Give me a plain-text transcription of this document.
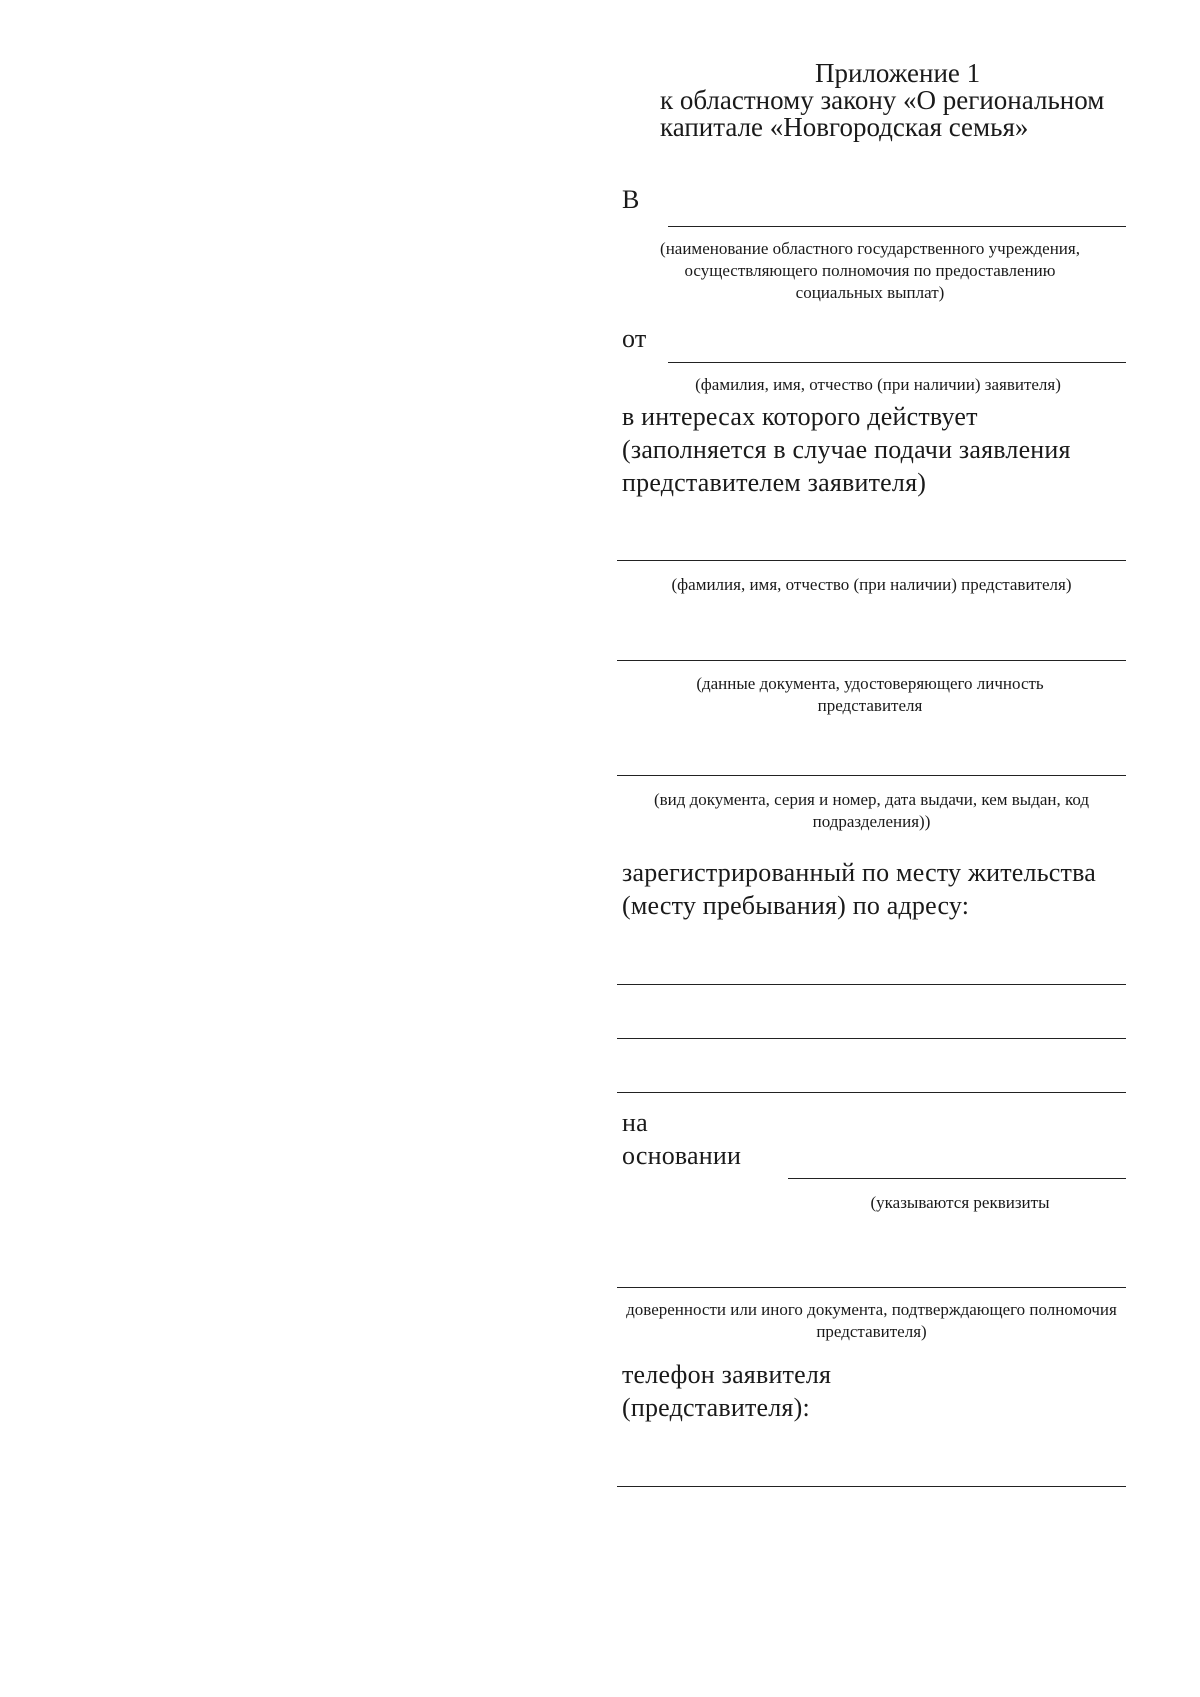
Приложение 1
к областному закону «О региональном
капитале «Новгородская семья»
В
(наименование областного государственного учреждения, осуществляющего полномочия по предоставлению социальных выплат)
от
(фамилия, имя, отчество (при наличии) заявителя)
в интересах которого действует
(заполняется в случае подачи заявления
представителем заявителя)
(фамилия, имя, отчество (при наличии) представителя)
(данные документа, удостоверяющего личность представителя
(вид документа, серия и номер, дата выдачи, кем выдан, код подразделения))
зарегистрированный по месту жительства
(месту пребывания) по адресу:
на
основании
(указываются реквизиты
доверенности или иного документа, подтверждающего полномочия представителя)
телефон заявителя
(представителя):
